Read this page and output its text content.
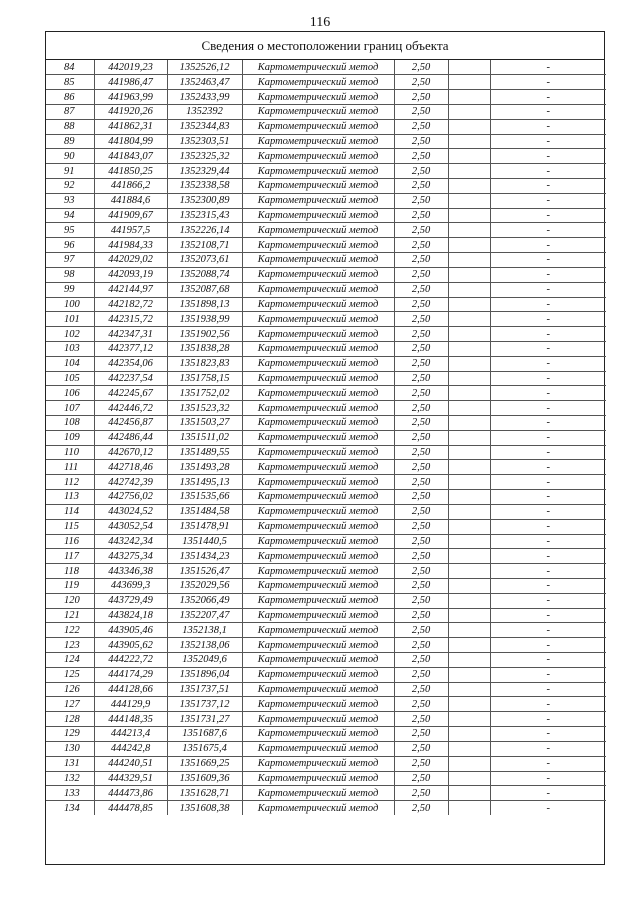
116
Сведения о местоположении границ объекта
84	442019,23	1352526,12	Картометрический метод	2,50		-
85	441986,47	1352463,47	Картометрический метод	2,50		-
86	441963,99	1352433,99	Картометрический метод	2,50		-
87	441920,26	1352392	Картометрический метод	2,50		-
88	441862,31	1352344,83	Картометрический метод	2,50		-
89	441804,99	1352303,51	Картометрический метод	2,50		-
90	441843,07	1352325,32	Картометрический метод	2,50		-
91	441850,25	1352329,44	Картометрический метод	2,50		-
92	441866,2	1352338,58	Картометрический метод	2,50		-
93	441884,6	1352300,89	Картометрический метод	2,50		-
94	441909,67	1352315,43	Картометрический метод	2,50		-
95	441957,5	1352226,14	Картометрический метод	2,50		-
96	441984,33	1352108,71	Картометрический метод	2,50		-
97	442029,02	1352073,61	Картометрический метод	2,50		-
98	442093,19	1352088,74	Картометрический метод	2,50		-
99	442144,97	1352087,68	Картометрический метод	2,50		-
100	442182,72	1351898,13	Картометрический метод	2,50		-
101	442315,72	1351938,99	Картометрический метод	2,50		-
102	442347,31	1351902,56	Картометрический метод	2,50		-
103	442377,12	1351838,28	Картометрический метод	2,50		-
104	442354,06	1351823,83	Картометрический метод	2,50		-
105	442237,54	1351758,15	Картометрический метод	2,50		-
106	442245,67	1351752,02	Картометрический метод	2,50		-
107	442446,72	1351523,32	Картометрический метод	2,50		-
108	442456,87	1351503,27	Картометрический метод	2,50		-
109	442486,44	1351511,02	Картометрический метод	2,50		-
110	442670,12	1351489,55	Картометрический метод	2,50		-
111	442718,46	1351493,28	Картометрический метод	2,50		-
112	442742,39	1351495,13	Картометрический метод	2,50		-
113	442756,02	1351535,66	Картометрический метод	2,50		-
114	443024,52	1351484,58	Картометрический метод	2,50		-
115	443052,54	1351478,91	Картометрический метод	2,50		-
116	443242,34	1351440,5	Картометрический метод	2,50		-
117	443275,34	1351434,23	Картометрический метод	2,50		-
118	443346,38	1351526,47	Картометрический метод	2,50		-
119	443699,3	1352029,56	Картометрический метод	2,50		-
120	443729,49	1352066,49	Картометрический метод	2,50		-
121	443824,18	1352207,47	Картометрический метод	2,50		-
122	443905,46	1352138,1	Картометрический метод	2,50		-
123	443905,62	1352138,06	Картометрический метод	2,50		-
124	444222,72	1352049,6	Картометрический метод	2,50		-
125	444174,29	1351896,04	Картометрический метод	2,50		-
126	444128,66	1351737,51	Картометрический метод	2,50		-
127	444129,9	1351737,12	Картометрический метод	2,50		-
128	444148,35	1351731,27	Картометрический метод	2,50		-
129	444213,4	1351687,6	Картометрический метод	2,50		-
130	444242,8	1351675,4	Картометрический метод	2,50		-
131	444240,51	1351669,25	Картометрический метод	2,50		-
132	444329,51	1351609,36	Картометрический метод	2,50		-
133	444473,86	1351628,71	Картометрический метод	2,50		-
134	444478,85	1351608,38	Картометрический метод	2,50		-
